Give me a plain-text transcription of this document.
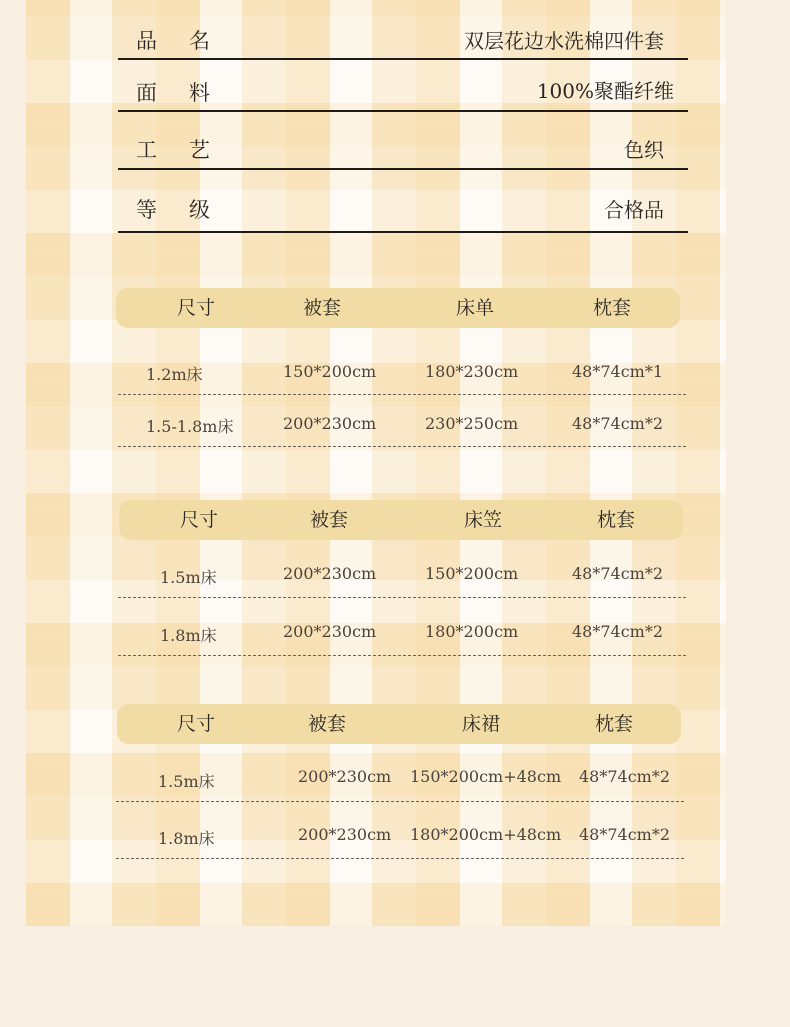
品 名	双层花边水洗棉四件套
面 料	100%聚酯纤维
工 艺	色织
等 级	合格品
尺寸	被套	床单	枕套
1.2m床	150*200cm	180*230cm	48*74cm*1
1.5-1.8m床	200*230cm	230*250cm	48*74cm*2
尺寸	被套	床笠	枕套
1.5m床	200*230cm	150*200cm	48*74cm*2
1.8m床	200*230cm	180*200cm	48*74cm*2
尺寸	被套	床裙	枕套
1.5m床	200*230cm 150*200cm+48cm 48*74cm*2
1.8m床	200*230cm 180*200cm+48cm 48*74cm*2
